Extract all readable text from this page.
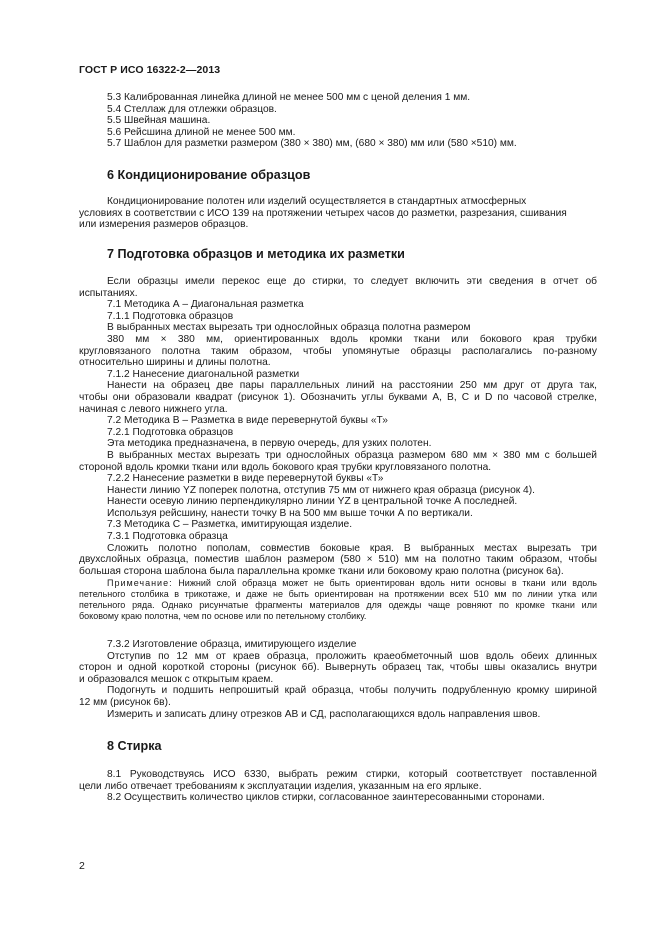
ГОСТ Р ИСО 16322-2—2013
5.3 Калиброванная линейка длиной не менее 500 мм с ценой деления 1 мм.
5.4 Стеллаж для отлежки образцов.
5.5 Швейная машина.
5.6 Рейсшина длиной не менее 500 мм.
5.7 Шаблон для разметки размером (380 × 380) мм, (680 × 380) мм или (580 ×510) мм.
6 Кондиционирование образцов
Кондиционирование полотен или изделий осуществляется в стандартных атмосферных
условиях в соответствии с ИСО 139 на протяжении четырех часов до разметки, разрезания, сшивания
или измерения размеров образцов.
7 Подготовка образцов и методика их разметки
Если образцы имели перекос еще до стирки, то следует включить эти сведения в отчет об
испытаниях.
7.1 Методика А – Диагональная разметка
7.1.1 Подготовка образцов
В выбранных местах вырезать три однослойных образца полотна размером
380 мм × 380 мм, ориентированных вдоль кромки ткани или бокового края трубки
кругловязаного полотна таким образом, чтобы упомянутые образцы располагались по-разному
относительно ширины и длины полотна.
7.1.2 Нанесение диагональной разметки
Нанести на образец две пары параллельных линий на расстоянии 250 мм друг от друга так,
чтобы они образовали квадрат (рисунок 1). Обозначить углы буквами А, В, С и D по часовой стрелке,
начиная с левого нижнего угла.
7.2 Методика В – Разметка в виде перевернутой буквы «Т»
7.2.1 Подготовка образцов
Эта методика предназначена, в первую очередь, для узких полотен.
В выбранных местах вырезать три однослойных образца размером 680 мм × 380 мм с большей
стороной вдоль кромки ткани или вдоль бокового края трубки кругловязаного полотна.
7.2.2 Нанесение разметки в виде перевернутой буквы «Т»
Нанести линию YZ поперек полотна, отступив 75 мм от нижнего края образца (рисунок 4).
Нанести осевую линию перпендикулярно линии YZ в центральной точке А последней.
Используя рейсшину, нанести точку В на 500 мм выше точки А по вертикали.
7.3 Методика С – Разметка, имитирующая изделие.
7.3.1 Подготовка образца
Сложить полотно пополам, совместив боковые края. В выбранных местах вырезать три
двухслойных образца, поместив шаблон размером (580 × 510) мм на полотно таким образом, чтобы
большая сторона шаблона была параллельна кромке ткани или боковому краю полотна (рисунок 6а).
Примечание: Нижний слой образца может не быть ориентирован вдоль нити основы в ткани или вдоль
петельного столбика в трикотаже, и даже не быть ориентирован на протяжении всех 510 мм по линии утка или
петельного ряда. Однако рисунчатые фрагменты материалов для одежды чаще ровняют по кромке ткани или
боковому краю полотна, чем по основе или по петельному столбику.
7.3.2 Изготовление образца, имитирующего изделие
Отступив по 12 мм от краев образца, проложить краеобметочный шов вдоль обеих длинных
сторон и одной короткой стороны (рисунок 6б). Вывернуть образец так, чтобы швы оказались внутри
и образовался мешок с открытым краем.
Подогнуть и подшить непрошитый край образца, чтобы получить подрубленную кромку шириной
12 мм (рисунок 6в).
Измерить и записать длину отрезков АВ и СД, располагающихся вдоль направления швов.
8 Стирка
8.1 Руководствуясь ИСО 6330, выбрать режим стирки, который соответствует поставленной
цели либо отвечает требованиям к эксплуатации изделия, указанным на его ярлыке.
8.2 Осуществить количество циклов стирки, согласованное заинтересованными сторонами.
2
